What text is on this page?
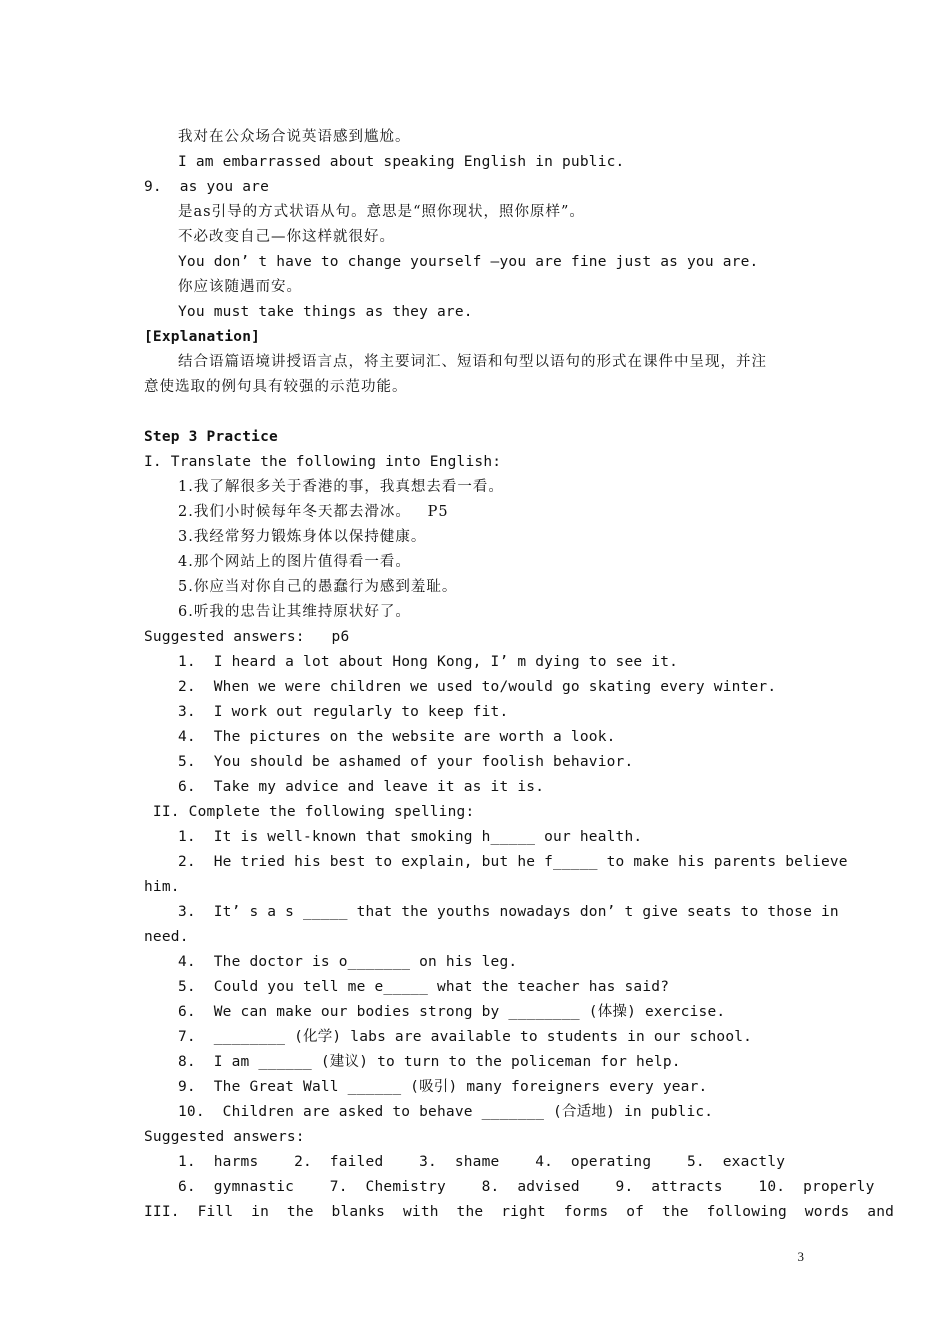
我对在公众场合说英语感到尴尬。
I am embarrassed about speaking English in public.
9.  as you are
是as引导的方式状语从句。意思是“照你现状，照你原样”。
不必改变自己—你这样就很好。
You don’ t have to change yourself —you are fine just as you are.
你应该随遇而安。
You must take things as they are.
[Explanation]
结合语篇语境讲授语言点，将主要词汇、短语和句型以语句的形式在课件中呈现，并注
意使选取的例句具有较强的示范功能。
Step 3 Practice
I. Translate the following into English:
1.我了解很多关于香港的事，我真想去看一看。
2.我们小时候每年冬天都去滑冰。   P5
3.我经常努力锻炼身体以保持健康。
4.那个网站上的图片值得看一看。
5.你应当对你自己的愚蠢行为感到羞耻。
6.听我的忠告让其维持原状好了。
Suggested answers:   p6
1.  I heard a lot about Hong Kong, I’ m dying to see it.
2.  When we were children we used to/would go skating every winter.
3.  I work out regularly to keep fit.
4.  The pictures on the website are worth a look.
5.  You should be ashamed of your foolish behavior.
6.  Take my advice and leave it as it is.
II. Complete the following spelling:
1.  It is well-known that smoking h_____ our health.
2.  He tried his best to explain, but he f_____ to make his parents believe
him.
3.  It’ s a s _____ that the youths nowadays don’ t give seats to those in
need.
4.  The doctor is o_______ on his leg.
5.  Could you tell me e_____ what the teacher has said?
6.  We can make our bodies strong by ________ (体操) exercise.
7.  ________ (化学) labs are available to students in our school.
8.  I am ______ (建议) to turn to the policeman for help.
9.  The Great Wall ______ (吸引) many foreigners every year.
10.  Children are asked to behave _______ (合适地) in public.
Suggested answers:
1.  harms    2.  failed    3.  shame    4.  operating    5.  exactly
6.  gymnastic    7.  Chemistry    8.  advised    9.  attracts    10.  properly
III.  Fill  in  the  blanks  with  the  right  forms  of  the  following  words  and
3
